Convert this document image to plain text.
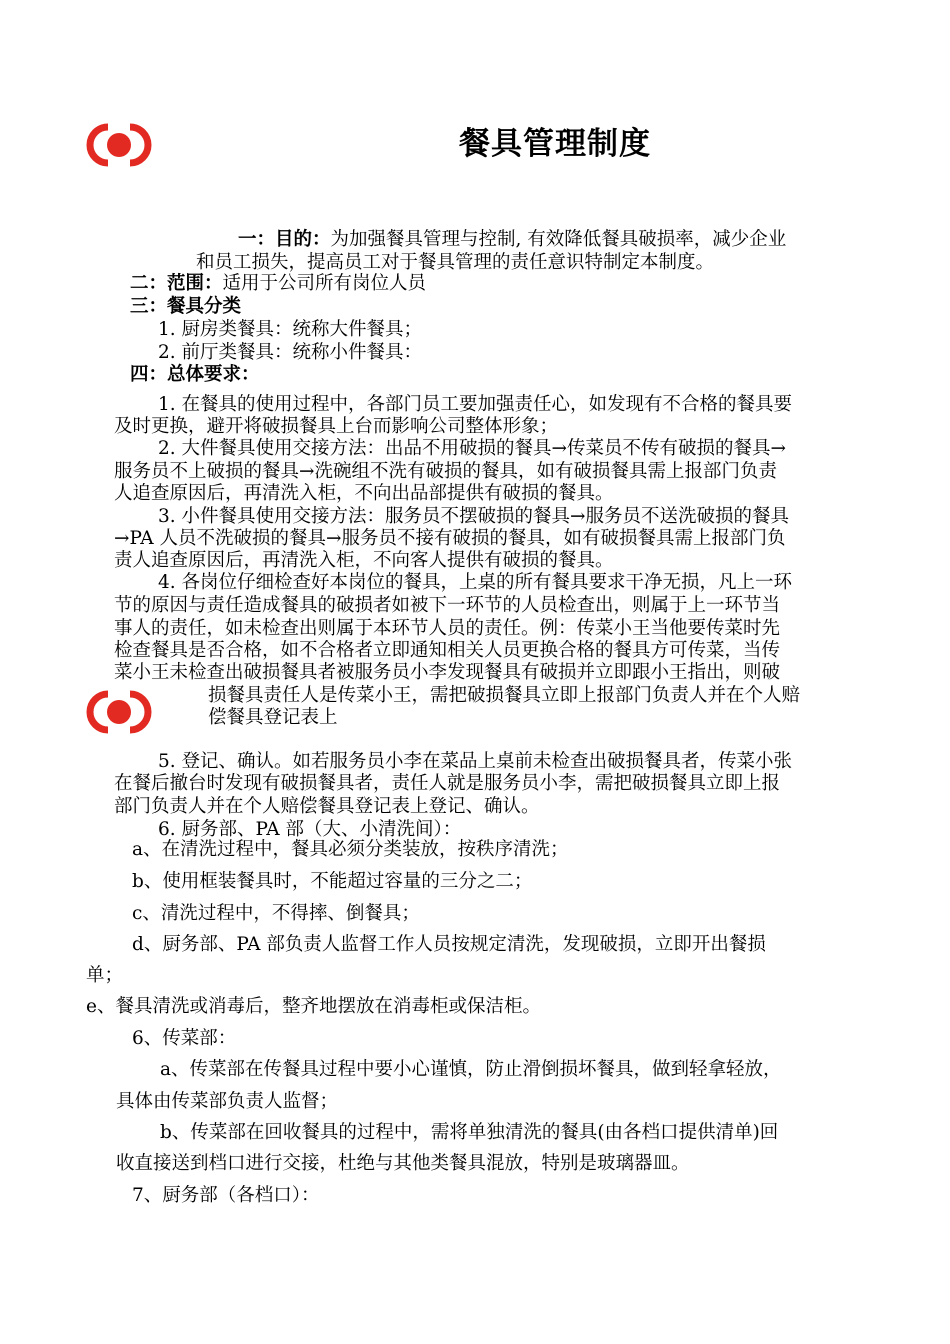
餐具管理制度
一：目的：为加强餐具管理与控制, 有效降低餐具破损率，减少企业
和员工损失，提高员工对于餐具管理的责任意识特制定本制度。
二：范围：适用于公司所有岗位人员
三：餐具分类
1. 厨房类餐具：统称大件餐具；
2. 前厅类餐具：统称小件餐具：
四：总体要求：
1. 在餐具的使用过程中，各部门员工要加强责任心，如发现有不合格的餐具要
及时更换，避开将破损餐具上台而影响公司整体形象；
2. 大件餐具使用交接方法：出品不用破损的餐具→传菜员不传有破损的餐具→
服务员不上破损的餐具→洗碗组不洗有破损的餐具，如有破损餐具需上报部门负责
人追查原因后，再清洗入柜，不向出品部提供有破损的餐具。
3. 小件餐具使用交接方法：服务员不摆破损的餐具→服务员不送洗破损的餐具
→PA 人员不洗破损的餐具→服务员不接有破损的餐具，如有破损餐具需上报部门负
责人追查原因后，再清洗入柜，不向客人提供有破损的餐具。
4. 各岗位仔细检查好本岗位的餐具，上桌的所有餐具要求干净无损，凡上一环
节的原因与责任造成餐具的破损者如被下一环节的人员检查出，则属于上一环节当
事人的责任，如未检查出则属于本环节人员的责任。例：传菜小王当他要传菜时先
检查餐具是否合格，如不合格者立即通知相关人员更换合格的餐具方可传菜，当传
菜小王未检查出破损餐具者被服务员小李发现餐具有破损并立即跟小王指出，则破
损餐具责任人是传菜小王，需把破损餐具立即上报部门负责人并在个人赔
偿餐具登记表上
5. 登记、确认。如若服务员小李在菜品上桌前未检查出破损餐具者，传菜小张
在餐后撤台时发现有破损餐具者，责任人就是服务员小李，需把破损餐具立即上报
部门负责人并在个人赔偿餐具登记表上登记、确认。
6. 厨务部、PA 部（大、小清洗间）：
a、在清洗过程中，餐具必须分类装放，按秩序清洗；
b、使用框装餐具时，不能超过容量的三分之二；
c、清洗过程中，不得摔、倒餐具；
d、厨务部、PA 部负责人监督工作人员按规定清洗，发现破损，立即开出餐损
单；
e、餐具清洗或消毒后，整齐地摆放在消毒柜或保洁柜。
6、传菜部：
a、传菜部在传餐具过程中要小心谨慎，防止滑倒损坏餐具，做到轻拿轻放，
具体由传菜部负责人监督；
b、传菜部在回收餐具的过程中，需将单独清洗的餐具(由各档口提供清单)回
收直接送到档口进行交接，杜绝与其他类餐具混放，特别是玻璃器皿。
7、厨务部（各档口）：
